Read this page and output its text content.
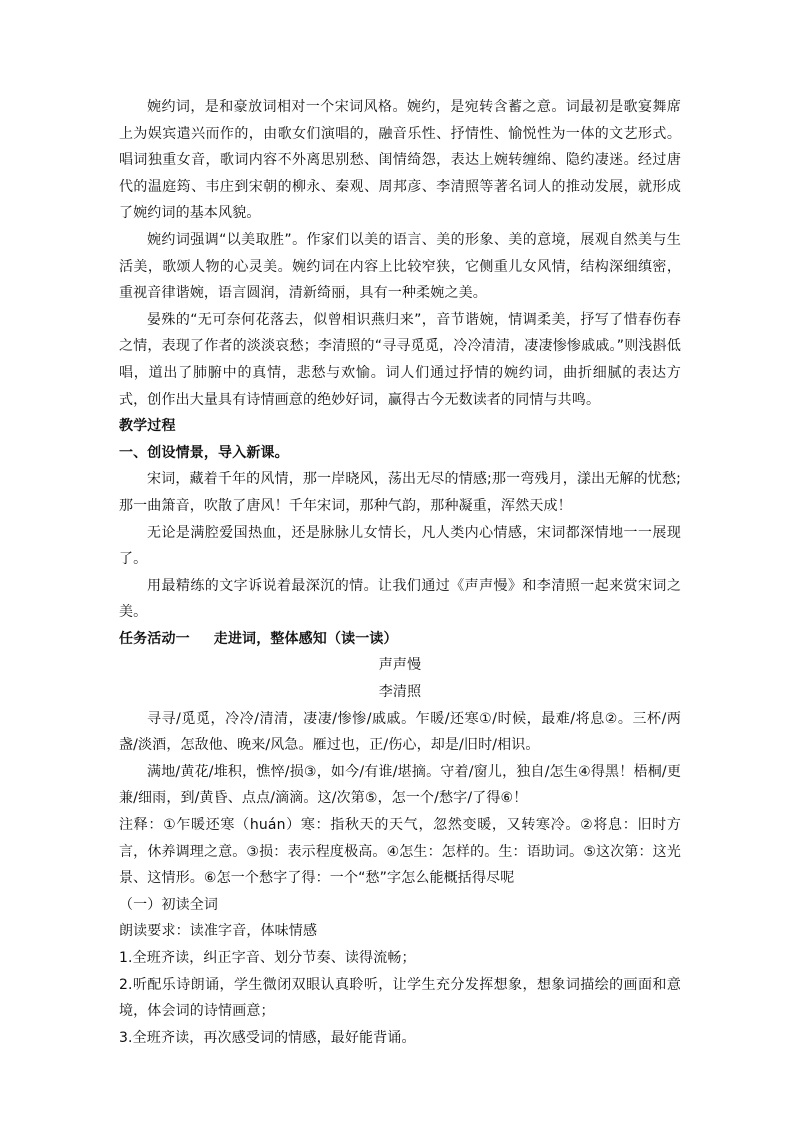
婉约词，是和豪放词相对一个宋词风格。婉约，是宛转含蓄之意。词最初是歌宴舞席上为娱宾遣兴而作的，由歌女们演唱的，融音乐性、抒情性、愉悦性为一体的文艺形式。唱词独重女音，歌词内容不外离思别愁、闺情绮怨，表达上婉转缠绵、隐约凄迷。经过唐代的温庭筠、韦庄到宋朝的柳永、秦观、周邦彦、李清照等著名词人的推动发展，就形成了婉约词的基本风貌。

婉约词强调“以美取胜”。作家们以美的语言、美的形象、美的意境，展观自然美与生活美，歌颂人物的心灵美。婉约词在内容上比较窄狭，它侧重儿女风情，结构深细缜密，重视音律谐婉，语言圆润，清新绮丽，具有一种柔婉之美。

晏殊的“无可奈何花落去，似曾相识燕归来”，音节谐婉，情调柔美，抒写了惜春伤春之情，表现了作者的淡淡哀愁；李清照的“寻寻觅觅，冷冷清清，凄凄惨惨戚戚。”则浅斟低唱，道出了肺腑中的真情，悲愁与欢愉。词人们通过抒情的婉约词，曲折细腻的表达方式，创作出大量具有诗情画意的绝妙好词，赢得古今无数读者的同情与共鸣。

教学过程

一、创设情景，导入新课。

宋词，藏着千年的风情，那一岸晓风，荡出无尽的情感;那一弯残月，漾出无解的忧愁;那一曲箫音，吹散了唐风！千年宋词，那种气韵，那种凝重，浑然天成！

无论是满腔爱国热血，还是脉脉儿女情长，凡人类内心情感，宋词都深情地一一展现了。

用最精练的文字诉说着最深沉的情。让我们通过《声声慢》和李清照一起来赏宋词之美。

任务活动一 走进词，整体感知（读一读）

声声慢

李清照

寻寻/觅觅，冷冷/清清，凄凄/惨惨/戚戚。乍暖/还寒①/时候，最难/将息②。三杯/两盏/淡酒，怎敌他、晚来/风急。雁过也，正/伤心，却是/旧时/相识。

满地/黄花/堆积，憔悴/损③，如今/有谁/堪摘。守着/窗儿，独自/怎生④得黑！梧桐/更兼/细雨，到/黄昏、点点/滴滴。这/次第⑤，怎一个/愁字/了得⑥！

注释：①乍暖还寒（huán）寒：指秋天的天气，忽然变暖，又转寒冷。②将息：旧时方言，休养调理之意。③损：表示程度极高。④怎生：怎样的。生：语助词。⑤这次第：这光景、这情形。⑥怎一个愁字了得：一个“愁”字怎么能概括得尽呢

（一）初读全词

朗读要求：读准字音，体味情感

1.全班齐读，纠正字音、划分节奏、读得流畅；

2.听配乐诗朗诵，学生微闭双眼认真聆听，让学生充分发挥想象，想象词描绘的画面和意境，体会词的诗情画意；

3.全班齐读，再次感受词的情感，最好能背诵。
